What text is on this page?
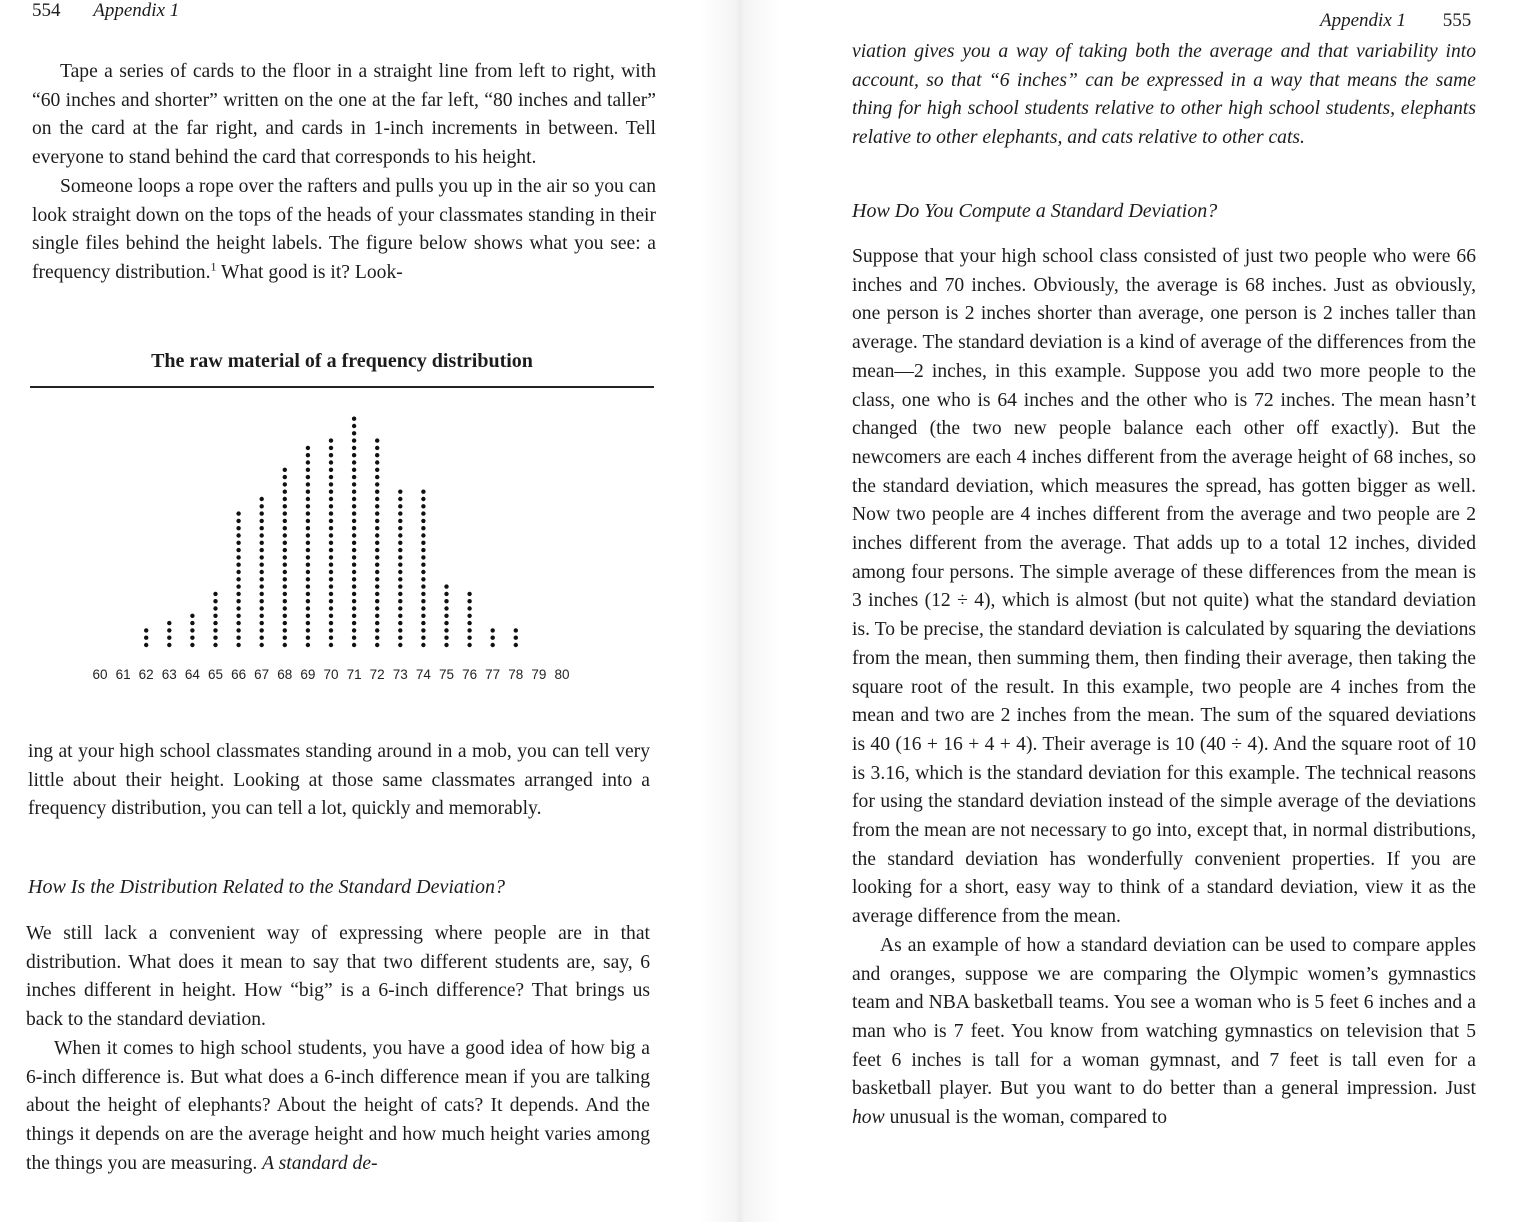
554 Appendix 1

Tape a series of cards to the floor in a straight line from left to right, with “60 inches and shorter” written on the one at the far left, “80 inches and taller” on the card at the far right, and cards in 1-inch increments in between. Tell everyone to stand behind the card that corresponds to his height.

Someone loops a rope over the rafters and pulls you up in the air so you can look straight down on the tops of the heads of your classmates standing in their single files behind the height labels. The figure below shows what you see: a frequency distribution.$^1$ What good is it? Look-

The raw material of a frequency distribution
60 61 62 63 64 65 66 67 68 69 70 71 72 73 74 75 76 77 78 79 80

ing at your high school classmates standing around in a mob, you can tell very little about their height. Looking at those same classmates arranged into a frequency distribution, you can tell a lot, quickly and memorably.

How Is the Distribution Related to the Standard Deviation?

We still lack a convenient way of expressing where people are in that distribution. What does it mean to say that two different students are, say, 6 inches different in height. How “big” is a 6-inch difference? That brings us back to the standard deviation.

When it comes to high school students, you have a good idea of how big a 6-inch difference is. But what does a 6-inch difference mean if you are talking about the height of elephants? About the height of cats? It depends. And the things it depends on are the average height and how much height varies among the things you are measuring. A standard de-

Appendix 1 555

viation gives you a way of taking both the average and that variability into account, so that “6 inches” can be expressed in a way that means the same thing for high school students relative to other high school students, elephants relative to other elephants, and cats relative to other cats.

How Do You Compute a Standard Deviation?

Suppose that your high school class consisted of just two people who were 66 inches and 70 inches. Obviously, the average is 68 inches. Just as obviously, one person is 2 inches shorter than average, one person is 2 inches taller than average. The standard deviation is a kind of average of the differences from the mean—2 inches, in this example. Suppose you add two more people to the class, one who is 64 inches and the other who is 72 inches. The mean hasn’t changed (the two new people balance each other off exactly). But the newcomers are each 4 inches different from the average height of 68 inches, so the standard deviation, which measures the spread, has gotten bigger as well. Now two people are 4 inches different from the average and two people are 2 inches different from the average. That adds up to a total 12 inches, divided among four persons. The simple average of these differences from the mean is 3 inches (12 ÷ 4), which is almost (but not quite) what the standard deviation is. To be precise, the standard deviation is calculated by squaring the deviations from the mean, then summing them, then finding their average, then taking the square root of the result. In this example, two people are 4 inches from the mean and two are 2 inches from the mean. The sum of the squared deviations is 40 (16 + 16 + 4 + 4). Their average is 10 (40 ÷ 4). And the square root of 10 is 3.16, which is the standard deviation for this example. The technical reasons for using the standard deviation instead of the simple average of the deviations from the mean are not necessary to go into, except that, in normal distributions, the standard deviation has wonderfully convenient properties. If you are looking for a short, easy way to think of a standard deviation, view it as the average difference from the mean.

As an example of how a standard deviation can be used to compare apples and oranges, suppose we are comparing the Olympic women’s gymnastics team and NBA basketball teams. You see a woman who is 5 feet 6 inches and a man who is 7 feet. You know from watching gymnastics on television that 5 feet 6 inches is tall for a woman gymnast, and 7 feet is tall even for a basketball player. But you want to do better than a general impression. Just how unusual is the woman, compared to
